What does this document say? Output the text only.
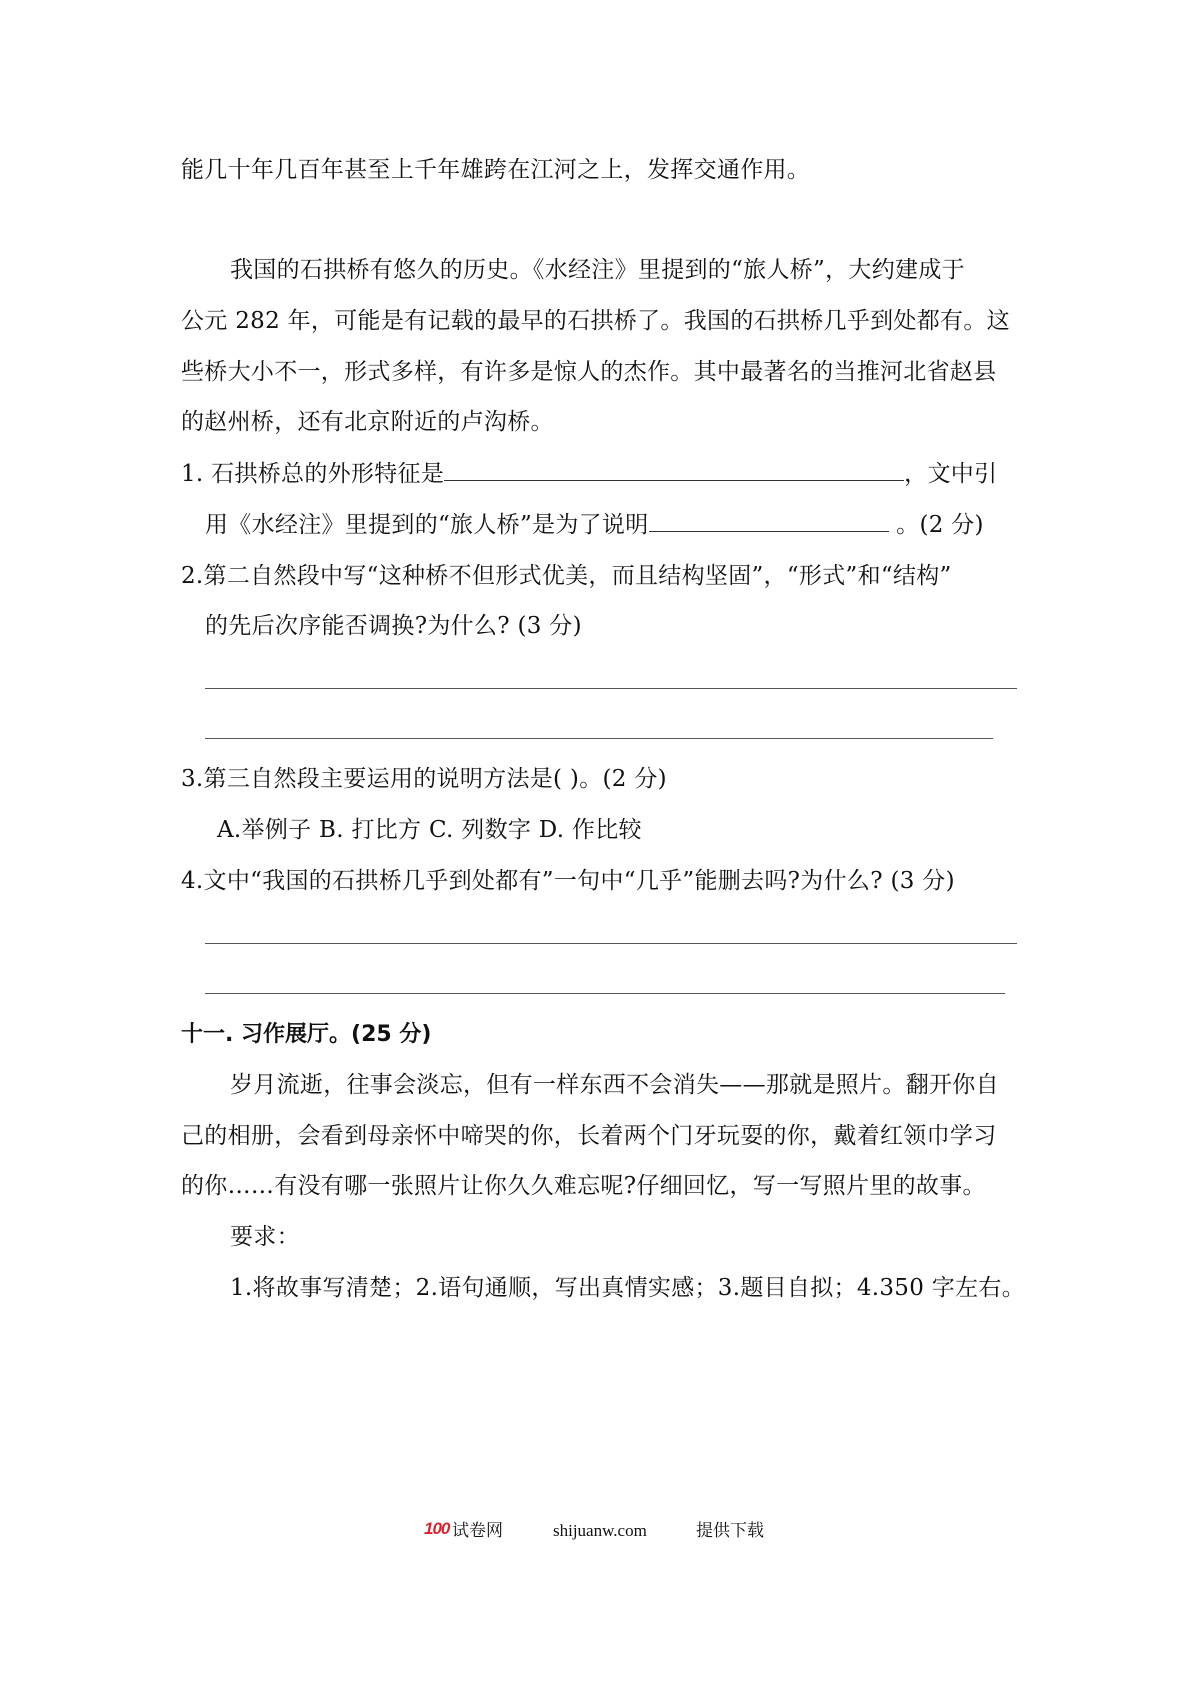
能几十年几百年甚至上千年雄跨在江河之上，发挥交通作用。
我国的石拱桥有悠久的历史。《水经注》里提到的“旅人桥”，大约建成于
公元 282 年，可能是有记载的最早的石拱桥了。我国的石拱桥几乎到处都有。这
些桥大小不一，形式多样，有许多是惊人的杰作。其中最著名的当推河北省赵县
的赵州桥，还有北京附近的卢沟桥。
1. 石拱桥总的外形特征是	，文中引
用《水经注》里提到的“旅人桥”是为了说明	。(2 分)
2.第二自然段中写“这种桥不但形式优美，而且结构坚固”，“形式”和“结构”
的先后次序能否调换?为什么? (3 分)
3.第三自然段主要运用的说明方法是( )。(2 分)
A.举例子 B. 打比方 C. 列数字 D. 作比较
4.文中“我国的石拱桥几乎到处都有”一句中“几乎”能删去吗?为什么? (3 分)
十一. 习作展厅。(25 分)
岁月流逝，往事会淡忘，但有一样东西不会消失——那就是照片。翻开你自
己的相册，会看到母亲怀中啼哭的你，长着两个门牙玩耍的你，戴着红领巾学习
的你……有没有哪一张照片让你久久难忘呢?仔细回忆，写一写照片里的故事。
要求：
1.将故事写清楚；2.语句通顺，写出真情实感；3.题目自拟；4.350 字左右。
100 试卷网	shijuanw.com	提供下载
